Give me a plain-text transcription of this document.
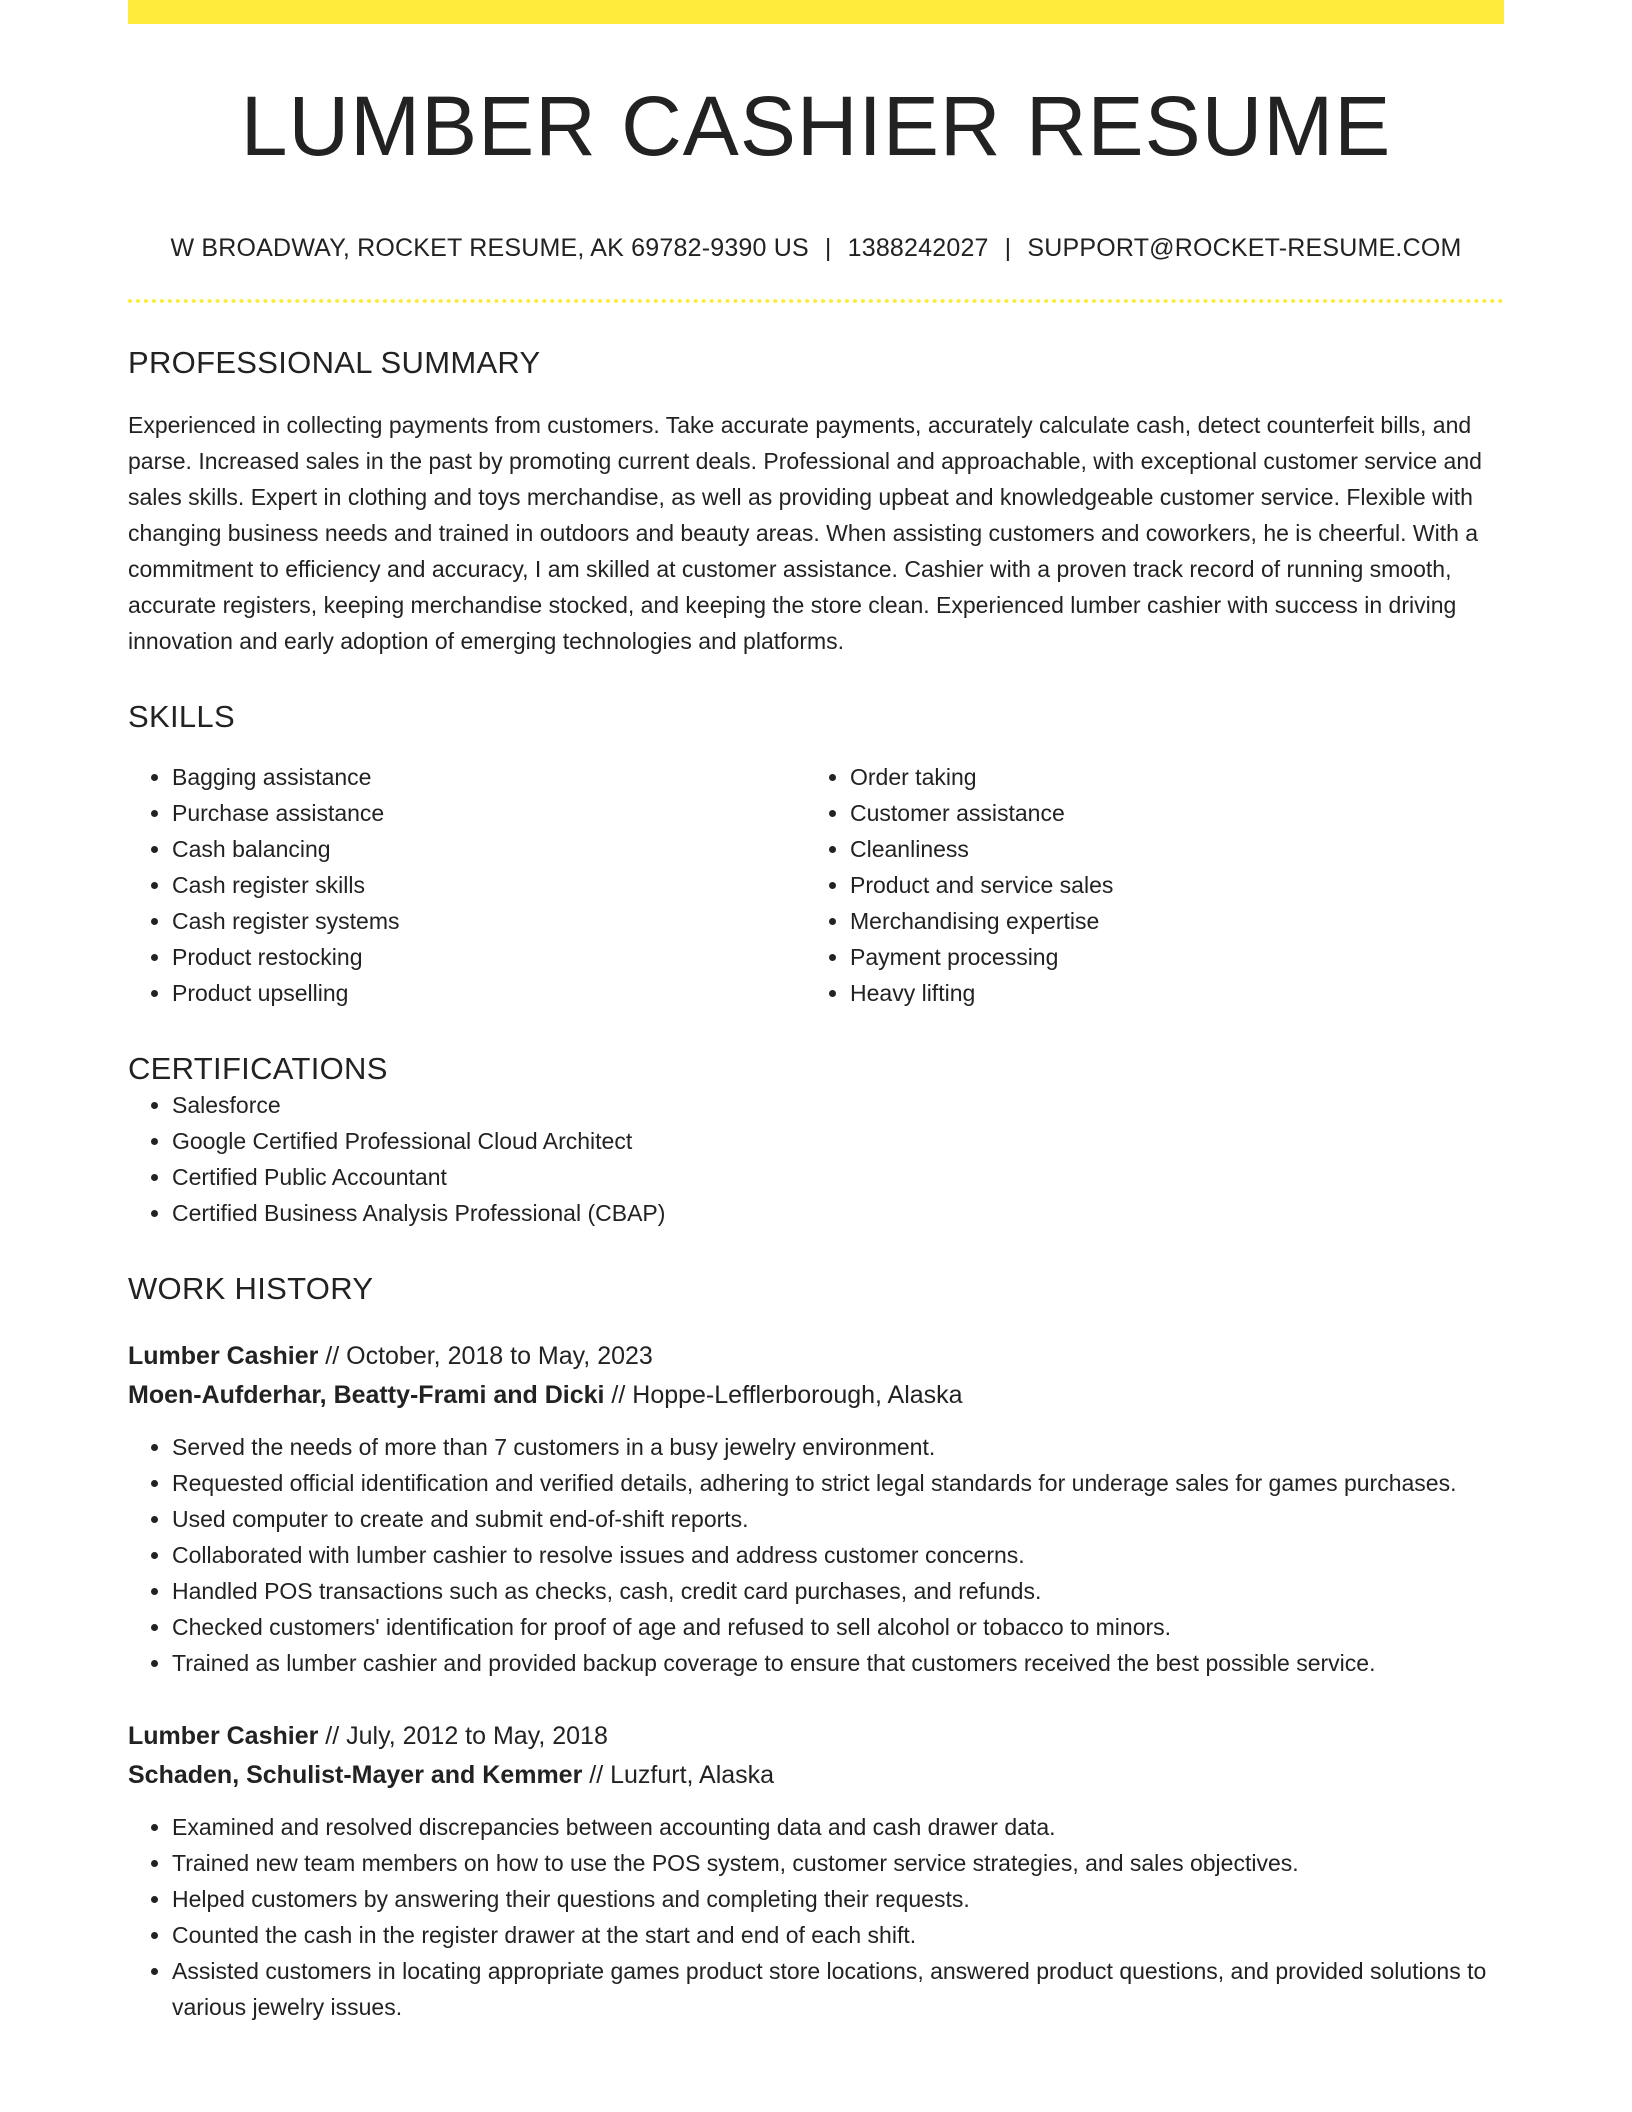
LUMBER CASHIER RESUME
W BROADWAY, ROCKET RESUME, AK 69782-9390 US | 1388242027 | SUPPORT@ROCKET-RESUME.COM
PROFESSIONAL SUMMARY

Experienced in collecting payments from customers. Take accurate payments, accurately calculate cash, detect counterfeit bills, and parse. Increased sales in the past by promoting current deals. Professional and approachable, with exceptional customer service and sales skills. Expert in clothing and toys merchandise, as well as providing upbeat and knowledgeable customer service. Flexible with changing business needs and trained in outdoors and beauty areas. When assisting customers and coworkers, he is cheerful. With a commitment to efficiency and accuracy, I am skilled at customer assistance. Cashier with a proven track record of running smooth, accurate registers, keeping merchandise stocked, and keeping the store clean. Experienced lumber cashier with success in driving innovation and early adoption of emerging technologies and platforms.

SKILLS
• Bagging assistance
• Purchase assistance
• Cash balancing
• Cash register skills
• Cash register systems
• Product restocking
• Product upselling
• Order taking
• Customer assistance
• Cleanliness
• Product and service sales
• Merchandising expertise
• Payment processing
• Heavy lifting
CERTIFICATIONS
• Salesforce
• Google Certified Professional Cloud Architect
• Certified Public Accountant
• Certified Business Analysis Professional (CBAP)
WORK HISTORY
Lumber Cashier // October, 2018 to May, 2023
Moen-Aufderhar, Beatty-Frami and Dicki // Hoppe-Lefflerborough, Alaska
• Served the needs of more than 7 customers in a busy jewelry environment.
• Requested official identification and verified details, adhering to strict legal standards for underage sales for games purchases.
• Used computer to create and submit end-of-shift reports.
• Collaborated with lumber cashier to resolve issues and address customer concerns.
• Handled POS transactions such as checks, cash, credit card purchases, and refunds.
• Checked customers' identification for proof of age and refused to sell alcohol or tobacco to minors.
• Trained as lumber cashier and provided backup coverage to ensure that customers received the best possible service.
Lumber Cashier // July, 2012 to May, 2018
Schaden, Schulist-Mayer and Kemmer // Luzfurt, Alaska
• Examined and resolved discrepancies between accounting data and cash drawer data.
• Trained new team members on how to use the POS system, customer service strategies, and sales objectives.
• Helped customers by answering their questions and completing their requests.
• Counted the cash in the register drawer at the start and end of each shift.
• Assisted customers in locating appropriate games product store locations, answered product questions, and provided solutions to various jewelry issues.
